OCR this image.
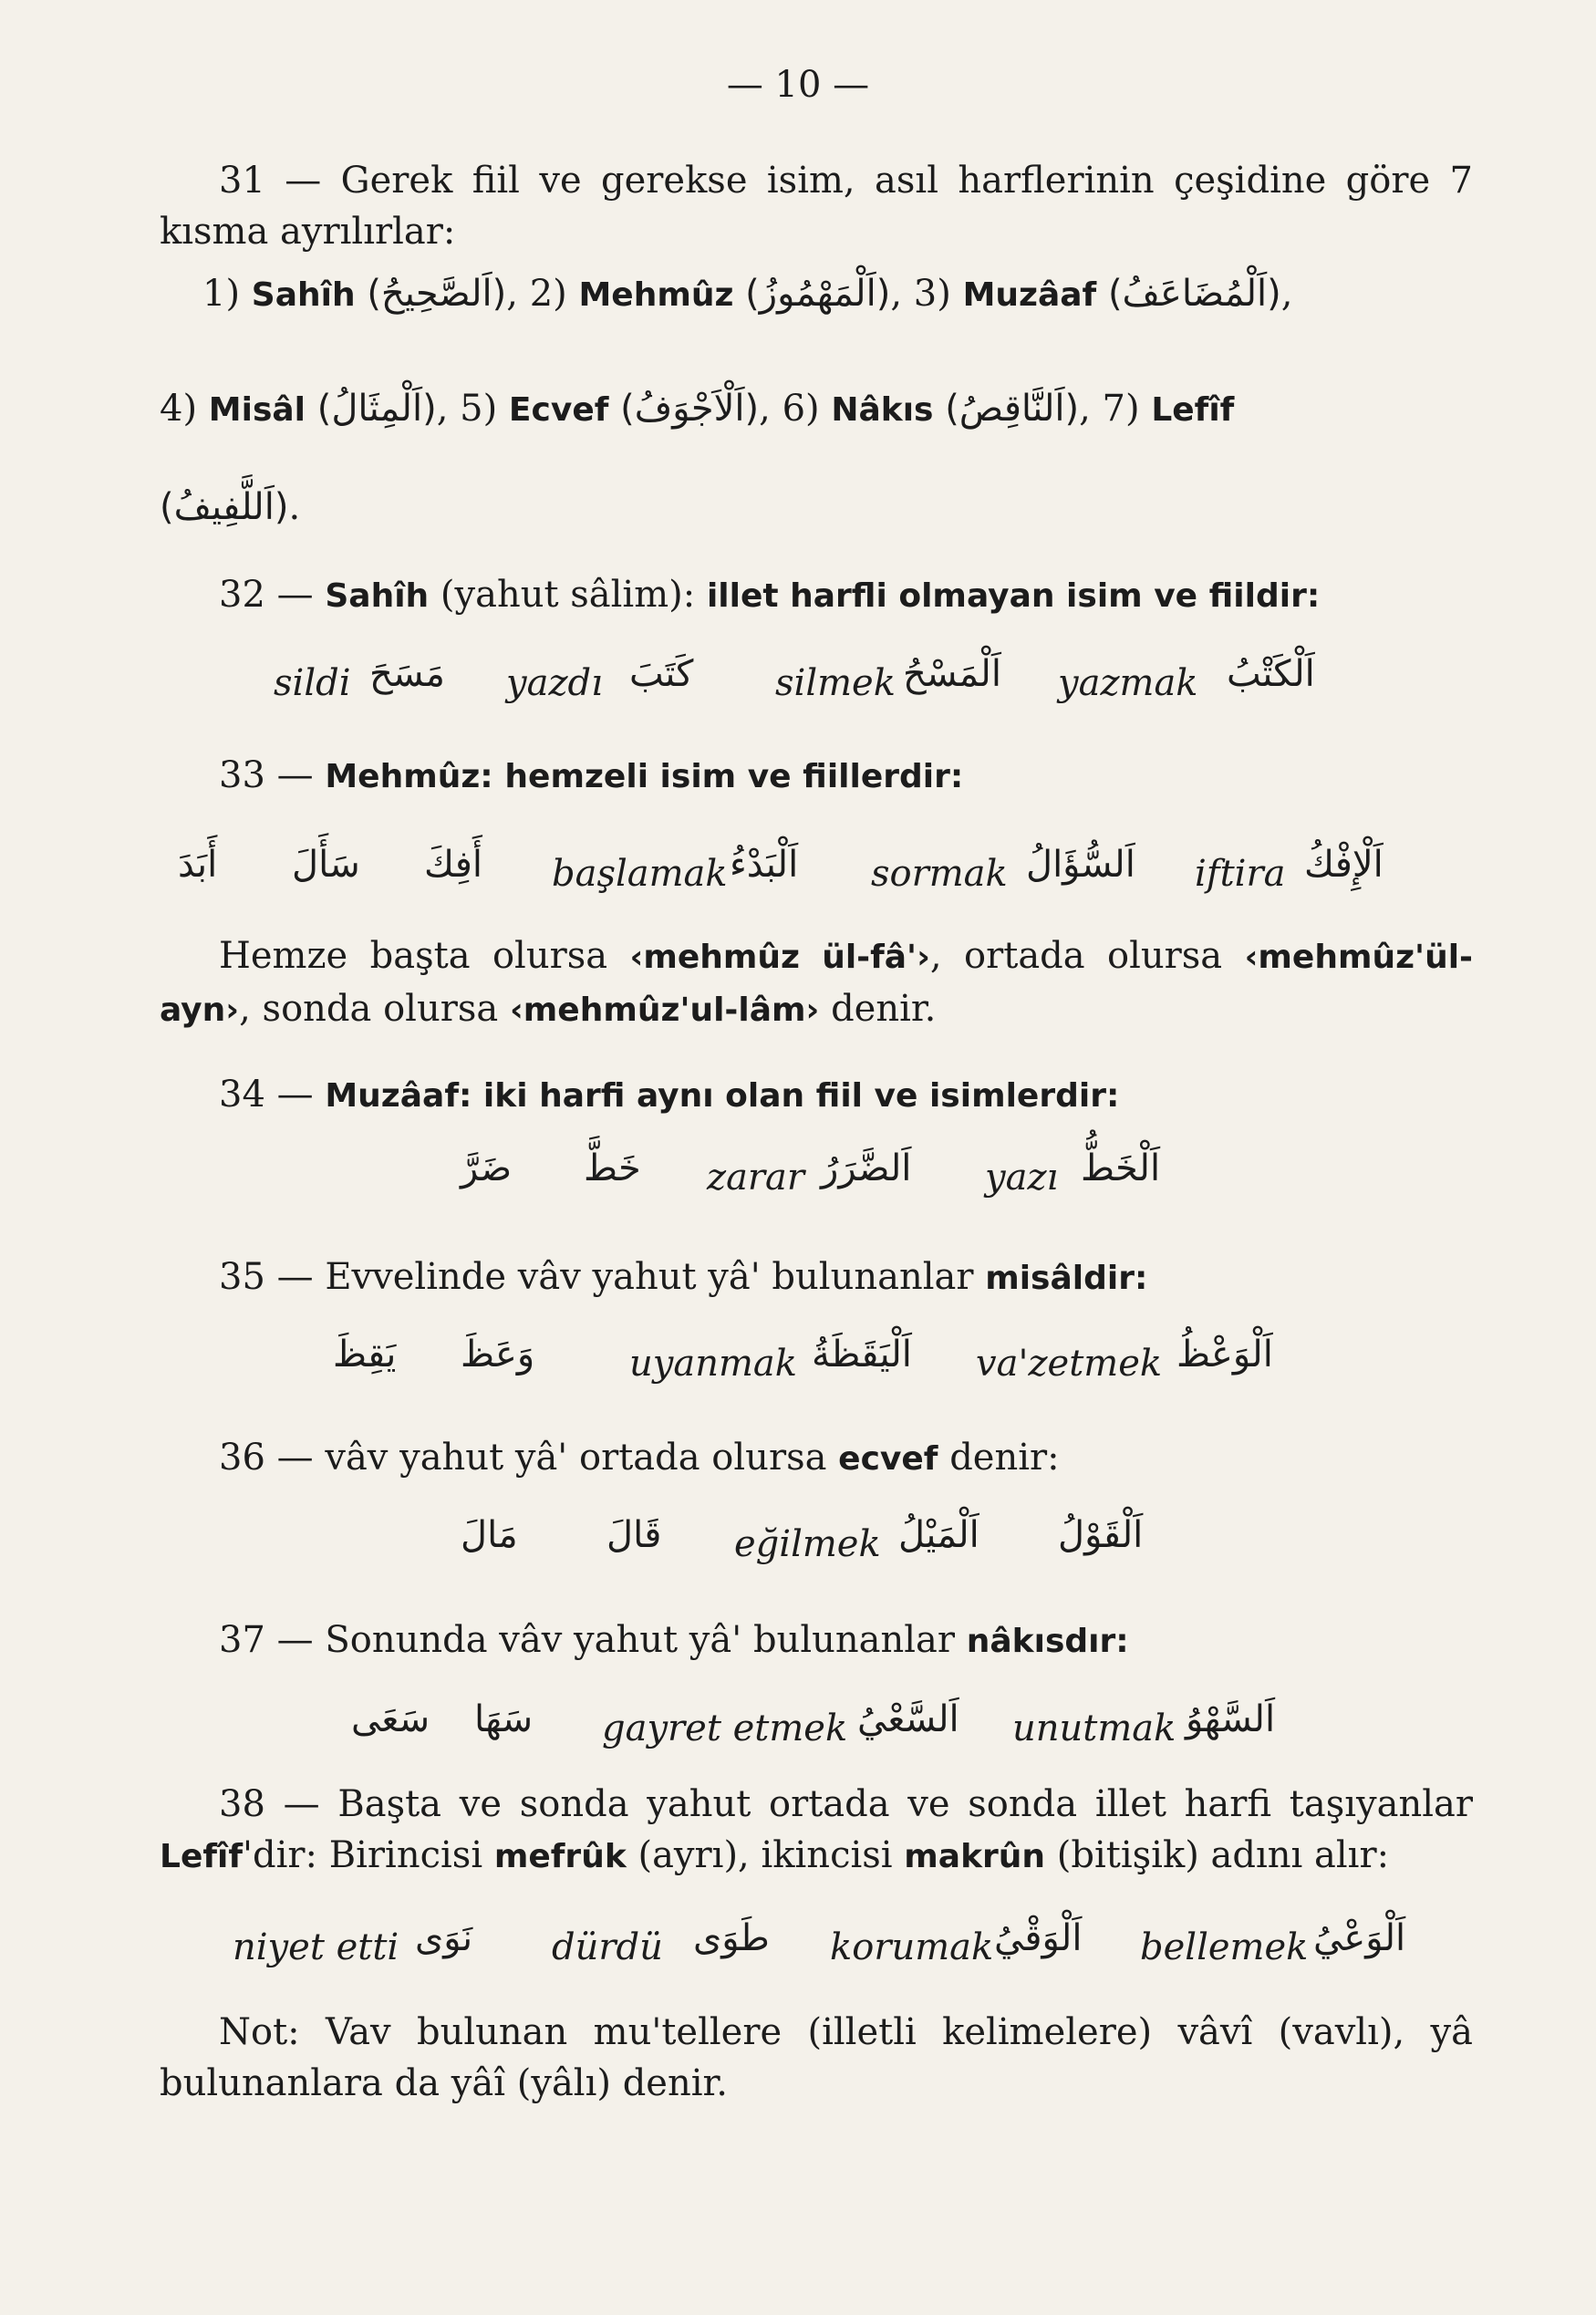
— 10 —
31 — Gerek fiil ve gerekse isim, asıl harflerinin çeşidine göre 7 kısma ayrılırlar:
1) Sahîh (اَلصَّحِيحُ), 2) Mehmûz (اَلْمَهْمُوزُ), 3) Muzâaf (اَلْمُضَاعَفُ),
4) Misâl (اَلْمِثَالُ), 5) Ecvef (اَلْاَجْوَفُ), 6) Nâkıs (اَلنَّاقِصُ), 7) Lefîf
(اَللَّفِيفُ).
32 — Sahîh (yahut sâlim): illet harfli olmayan isim ve fiildir:
sildi مَسَحَ yazdı كَتَبَ silmek اَلْمَسْحُ yazmak اَلْكَتْبُ
33 — Mehmûz: hemzeli isim ve fiillerdir:
أَبَدَ سَأَلَ أَفِكَ başlamak اَلْبَدْءُ sormak اَلسُّؤَالُ iftira اَلْإِفْكُ
Hemze başta olursa ‹mehmûz ül-fâ'›, ortada olursa ‹mehmûz'ül-ayn›, sonda olursa ‹mehmûz'ul-lâm› denir.
34 — Muzâaf: iki harfi aynı olan fiil ve isimlerdir:
ضَرَّ خَطَّ zarar اَلضَّرَرُ yazı اَلْخَطُّ
35 — Evvelinde vâv yahut yâ' bulunanlar misâldir:
يَقِظَ وَعَظَ	uyanmak اَلْيَقَظَةُ va'zetmek اَلْوَعْظُ
36 — vâv yahut yâ' ortada olursa ecvef denir:
مَالَ قَالَ eğilmek اَلْمَيْلُ اَلْقَوْلُ
37 — Sonunda vâv yahut yâ' bulunanlar nâkısdır:
سَعَى سَهَا gayret etmek اَلسَّعْيُ unutmak اَلسَّهْوُ
38 — Başta ve sonda yahut ortada ve sonda illet harfi taşıyanlar Lefîf'dir: Birincisi mefrûk (ayrı), ikincisi makrûn (bitişik) adını alır:
niyet etti نَوَى dürdü طَوَى korumak اَلْوَقْيُ bellemek اَلْوَعْيُ
Not: Vav bulunan mu'tellere (illetli kelimelere) vâvî (vavlı), yâ bulunanlara da yâî (yâlı) denir.
